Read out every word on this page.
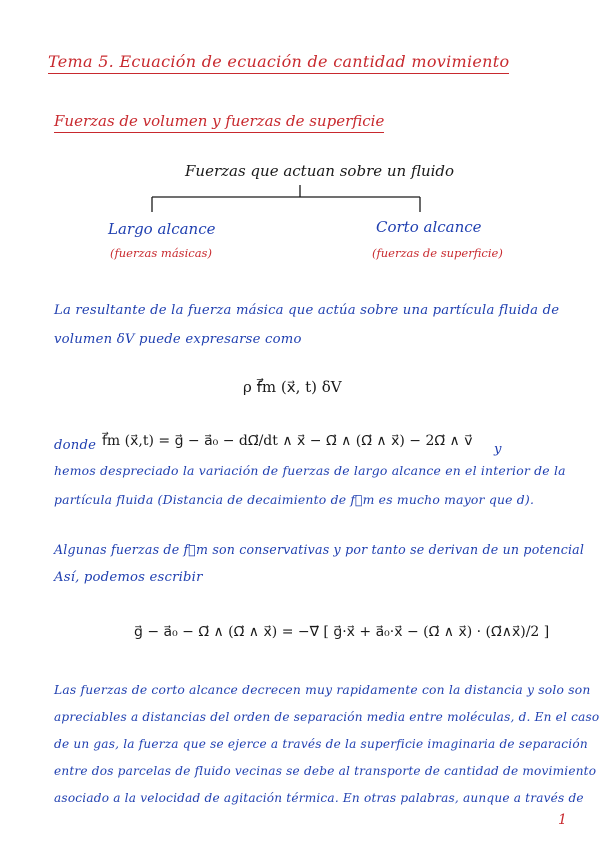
Tema 5. Ecuación de ecuación de cantidad movimiento
Fuerzas de volumen y fuerzas de superficie
Fuerzas que actuan sobre un fluido
Largo alcance
(fuerzas másicas)
Corto alcance
(fuerzas de superficie)
La resultante de la fuerza másica que actúa sobre una partícula fluida de
volumen δV puede expresarse como
ρ f⃗m (x⃗, t) δV
donde f⃗m (x⃗,t) = g⃗ − a⃗₀ − dΩ⃗/dt ∧ x⃗ − Ω⃗ ∧ (Ω⃗ ∧ x⃗) − 2Ω⃗ ∧ v⃗
y
hemos despreciado la variación de fuerzas de largo alcance en el interior de la
partícula fluida (Distancia de decaimiento de f⃗m es mucho mayor que d).
Algunas fuerzas de f⃗m son conservativas y por tanto se derivan de un potencial
Así, podemos escribir
g⃗ − a⃗₀ − Ω⃗ ∧ (Ω⃗ ∧ x⃗) = −∇⃗ [ g⃗·x⃗ + a⃗₀·x⃗ − (Ω⃗ ∧ x⃗) · (Ω⃗∧x⃗)/2 ]
Las fuerzas de corto alcance decrecen muy rapidamente con la distancia y solo son
apreciables a distancias del orden de separación media entre moléculas, d. En el caso
de un gas, la fuerza que se ejerce a través de la superficie imaginaria de separación
entre dos parcelas de fluido vecinas se debe al transporte de cantidad de movimiento
asociado a la velocidad de agitación térmica. En otras palabras, aunque a través de
1
